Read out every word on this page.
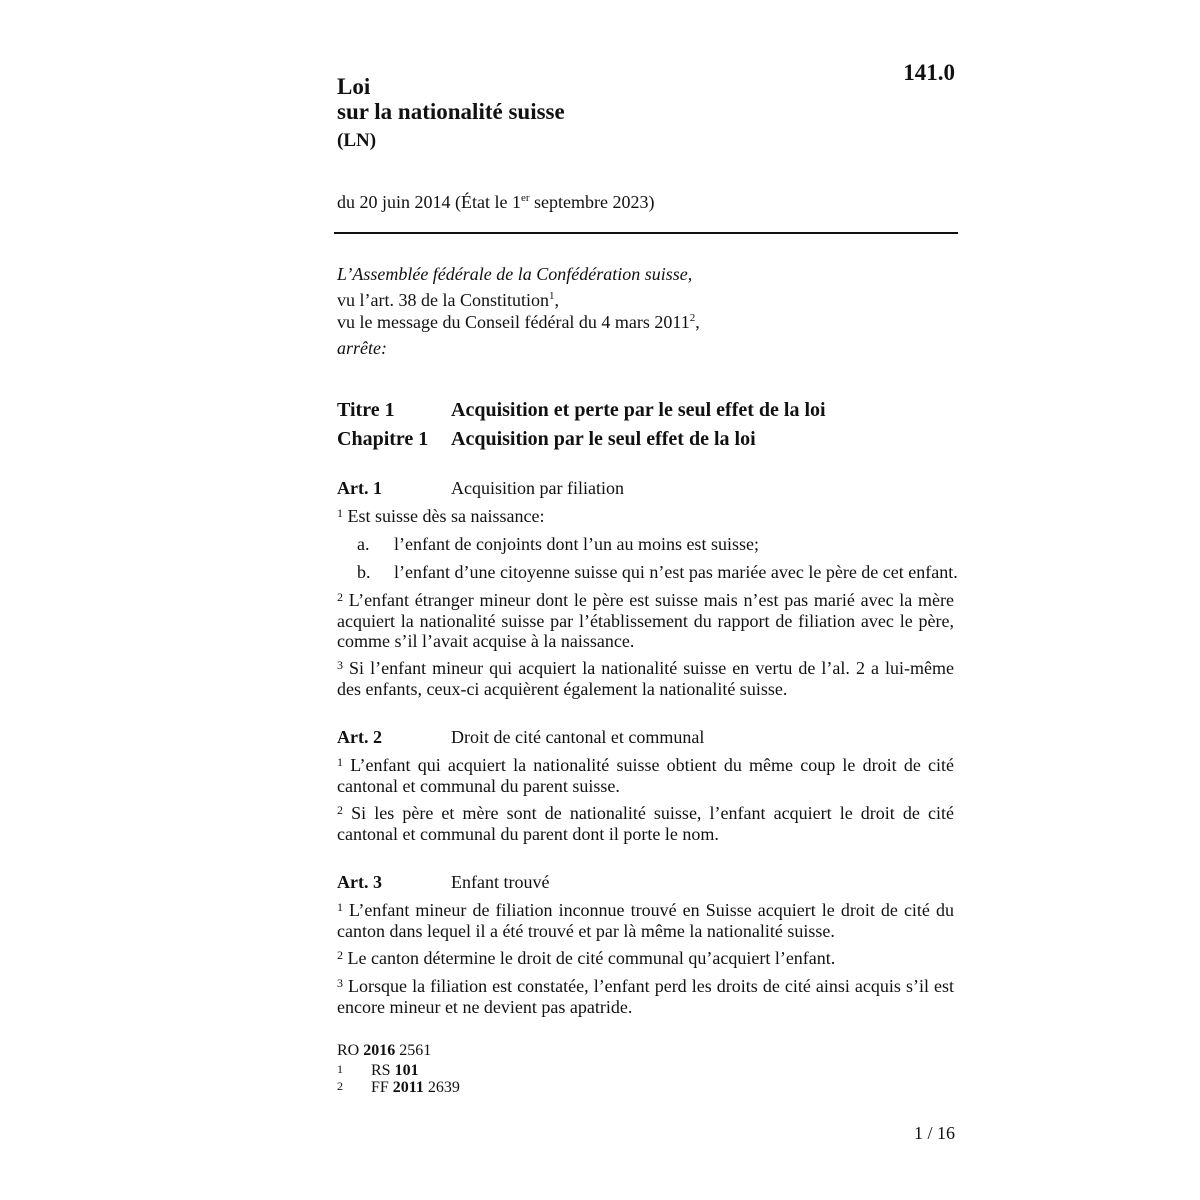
141.0
Loi
sur la nationalité suisse
(LN)
du 20 juin 2014 (État le 1er septembre 2023)
L’Assemblée fédérale de la Confédération suisse,
vu l’art. 38 de la Constitution$^1$,
vu le message du Conseil fédéral du 4 mars 2011$^2$,
arrête:
Titre 1	Acquisition et perte par le seul effet de la loi
Chapitre 1 Acquisition par le seul effet de la loi
Art. 1	Acquisition par filiation
$^1$ Est suisse dès sa naissance:
a. l’enfant de conjoints dont l’un au moins est suisse;
b. l’enfant d’une citoyenne suisse qui n’est pas mariée avec le père de cet enfant.
$^2$ L’enfant étranger mineur dont le père est suisse mais n’est pas marié avec la mère acquiert la nationalité suisse par l’établissement du rapport de filiation avec le père, comme s’il l’avait acquise à la naissance.
$^3$ Si l’enfant mineur qui acquiert la nationalité suisse en vertu de l’al. 2 a lui-même des enfants, ceux-ci acquièrent également la nationalité suisse.
Art. 2	Droit de cité cantonal et communal
$^1$ L’enfant qui acquiert la nationalité suisse obtient du même coup le droit de cité cantonal et communal du parent suisse.
$^2$ Si les père et mère sont de nationalité suisse, l’enfant acquiert le droit de cité cantonal et communal du parent dont il porte le nom.
Art. 3	Enfant trouvé
$^1$ L’enfant mineur de filiation inconnue trouvé en Suisse acquiert le droit de cité du canton dans lequel il a été trouvé et par là même la nationalité suisse.
$^2$ Le canton détermine le droit de cité communal qu’acquiert l’enfant.
$^3$ Lorsque la filiation est constatée, l’enfant perd les droits de cité ainsi acquis s’il est encore mineur et ne devient pas apatride.
RO 2016 2561
1 RS 101
2 FF 2011 2639
1 / 16
